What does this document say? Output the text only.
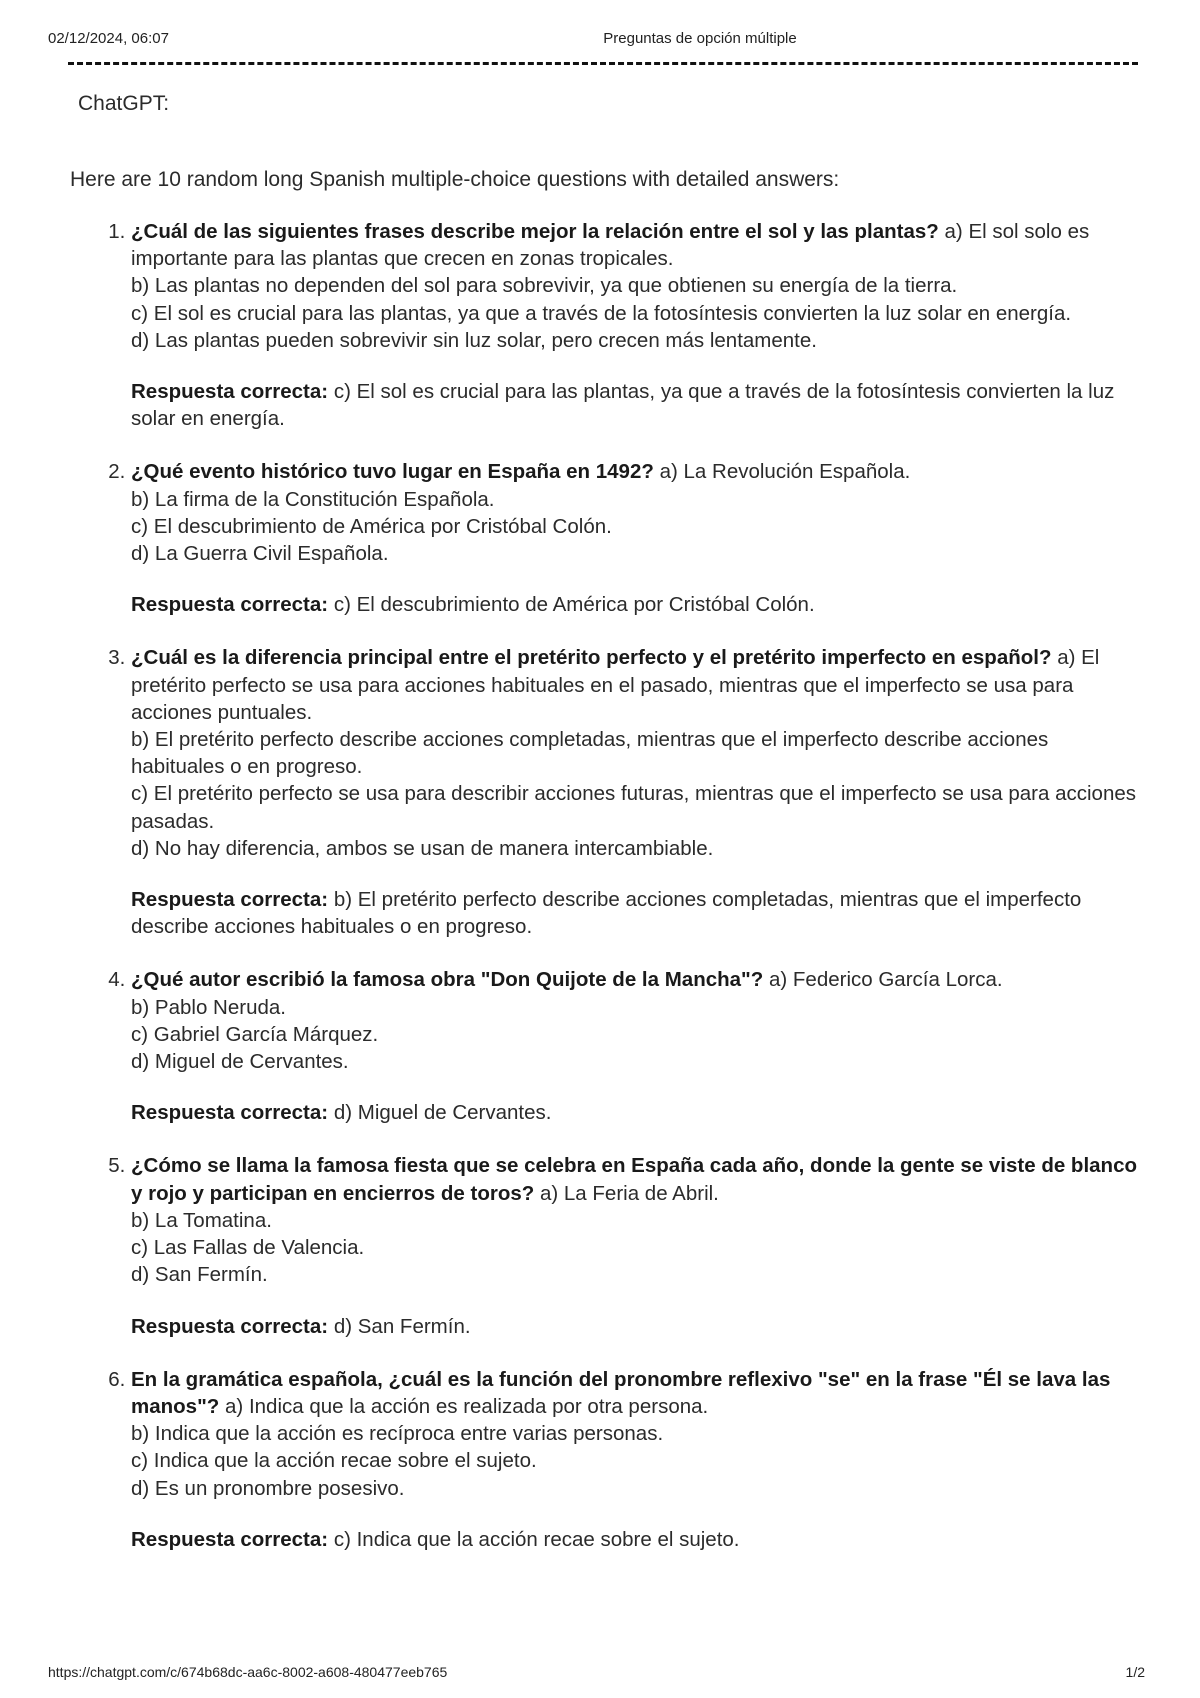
02/12/2024, 06:07	Preguntas de opción múltiple
ChatGPT:
Here are 10 random long Spanish multiple-choice questions with detailed answers:
1. ¿Cuál de las siguientes frases describe mejor la relación entre el sol y las plantas? a) El sol solo es importante para las plantas que crecen en zonas tropicales.
b) Las plantas no dependen del sol para sobrevivir, ya que obtienen su energía de la tierra.
c) El sol es crucial para las plantas, ya que a través de la fotosíntesis convierten la luz solar en energía.
d) Las plantas pueden sobrevivir sin luz solar, pero crecen más lentamente.
Respuesta correcta: c) El sol es crucial para las plantas, ya que a través de la fotosíntesis convierten la luz solar en energía.
2. ¿Qué evento histórico tuvo lugar en España en 1492? a) La Revolución Española.
b) La firma de la Constitución Española.
c) El descubrimiento de América por Cristóbal Colón.
d) La Guerra Civil Española.
Respuesta correcta: c) El descubrimiento de América por Cristóbal Colón.
3. ¿Cuál es la diferencia principal entre el pretérito perfecto y el pretérito imperfecto en español? a) El pretérito perfecto se usa para acciones habituales en el pasado, mientras que el imperfecto se usa para acciones puntuales.
b) El pretérito perfecto describe acciones completadas, mientras que el imperfecto describe acciones habituales o en progreso.
c) El pretérito perfecto se usa para describir acciones futuras, mientras que el imperfecto se usa para acciones pasadas.
d) No hay diferencia, ambos se usan de manera intercambiable.
Respuesta correcta: b) El pretérito perfecto describe acciones completadas, mientras que el imperfecto describe acciones habituales o en progreso.
4. ¿Qué autor escribió la famosa obra "Don Quijote de la Mancha"? a) Federico García Lorca.
b) Pablo Neruda.
c) Gabriel García Márquez.
d) Miguel de Cervantes.
Respuesta correcta: d) Miguel de Cervantes.
5. ¿Cómo se llama la famosa fiesta que se celebra en España cada año, donde la gente se viste de blanco y rojo y participan en encierros de toros? a) La Feria de Abril.
b) La Tomatina.
c) Las Fallas de Valencia.
d) San Fermín.
Respuesta correcta: d) San Fermín.
6. En la gramática española, ¿cuál es la función del pronombre reflexivo "se" en la frase "Él se lava las manos"? a) Indica que la acción es realizada por otra persona.
b) Indica que la acción es recíproca entre varias personas.
c) Indica que la acción recae sobre el sujeto.
d) Es un pronombre posesivo.
Respuesta correcta: c) Indica que la acción recae sobre el sujeto.
https://chatgpt.com/c/674b68dc-aa6c-8002-a608-480477eeb765	1/2
